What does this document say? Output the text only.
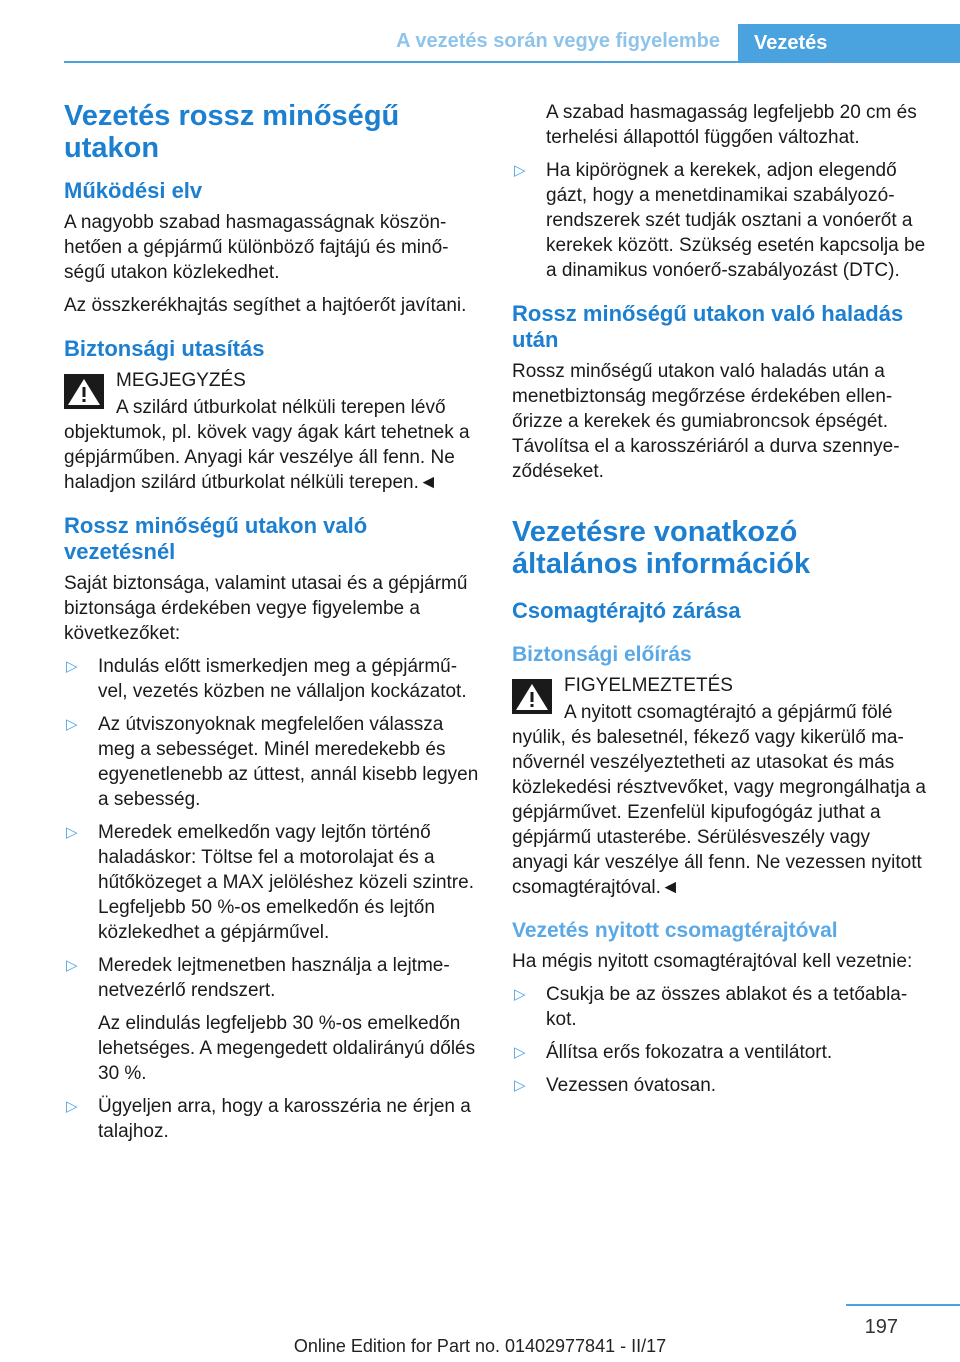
A vezetés során vegye figyelembe	Vezetés
Vezetés rossz minőségű utakon
Működési elv

A nagyobb szabad hasmagasságnak köszönhetően a gépjármű különböző fajtájú és minőségű utakon közlekedhet.

Az összkerékhajtás segíthet a hajtóerőt javítani.

Biztonsági utasítás
MEGJEGYZÉS

A szilárd útburkolat nélküli terepen lévő objektumok, pl. kövek vagy ágak kárt tehetnek a gépjárműben. Anyagi kár veszélye áll fenn. Ne haladjon szilárd útburkolat nélküli terepen.◄

Rossz minőségű utakon való vezetésnél

Saját biztonsága, valamint utasai és a gépjármű biztonsága érdekében vegye figyelembe a következőket:

▷ Indulás előtt ismerkedjen meg a gépjárművel, vezetés közben ne vállaljon kockázatot.
▷ Az útviszonyoknak megfelelően válassza meg a sebességet. Minél meredekebb és egyenetlenebb az úttest, annál kisebb legyen a sebesség.
▷ Meredek emelkedőn vagy lejtőn történő haladáskor: Töltse fel a motorolajat és a hűtőközeget a MAX jelöléshez közeli szintre. Legfeljebb 50 %-os emelkedőn és lejtőn közlekedhet a gépjárművel.
▷ Meredek lejtmenetben használja a lejtmenetvezérlő rendszert.
Az elindulás legfeljebb 30 %-os emelkedőn lehetséges. A megengedett oldalirányú dőlés 30 %.
▷ Ügyeljen arra, hogy a karosszéria ne érjen a talajhoz.
A szabad hasmagasság legfeljebb 20 cm és terhelési állapottól függően változhat.
▷ Ha kipörögnek a kerekek, adjon elegendő gázt, hogy a menetdinamikai szabályozórendszerek szét tudják osztani a vonóerőt a kerekek között. Szükség esetén kapcsolja be a dinamikus vonóerő-szabályozást (DTC).
Rossz minőségű utakon való haladás után

Rossz minőségű utakon való haladás után a menetbiztonság megőrzése érdekében ellenőrizze a kerekek és gumiabroncsok épségét. Távolítsa el a karosszériáról a durva szennyeződéseket.

Vezetésre vonatkozó általános információk
Csomagtérajtó zárása
Biztonsági előírás
FIGYELMEZTETÉS

A nyitott csomagtérajtó a gépjármű fölé nyúlik, és balesetnél, fékező vagy kikerülő manővernél veszélyeztetheti az utasokat és más közlekedési résztvevőket, vagy megrongálhatja a gépjárművet. Ezenfelül kipufogógáz juthat a gépjármű utasterébe. Sérülésveszély vagy anyagi kár veszélye áll fenn. Ne vezessen nyitott csomagtérajtóval.◄

Vezetés nyitott csomagtérajtóval

Ha mégis nyitott csomagtérajtóval kell vezetnie:

▷ Csukja be az összes ablakot és a tetőablakot.
▷ Állítsa erős fokozatra a ventilátort.
▷ Vezessen óvatosan.
197
Online Edition for Part no. 01402977841 - II/17
